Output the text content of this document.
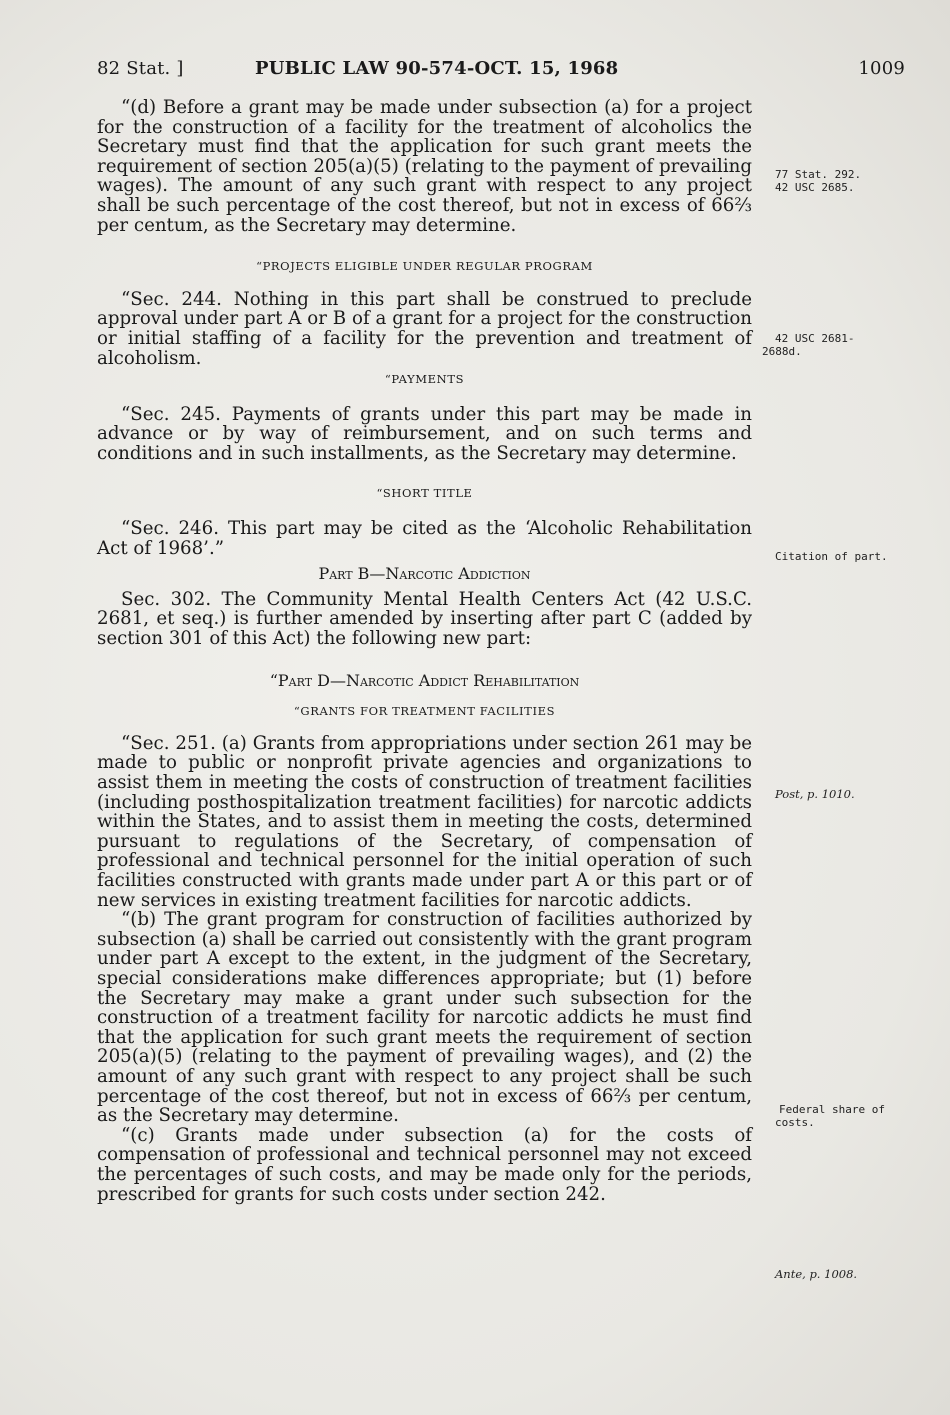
82 Stat. ]	PUBLIC LAW 90-574-OCT. 15, 1968	1009

“(d) Before a grant may be made under subsection (a) for a project for the construction of a facility for the treatment of alcoholics the Secretary must find that the application for such grant meets the requirement of section 205(a)(5) (relating to the payment of prevailing wages). The amount of any such grant with respect to any project shall be such percentage of the cost thereof, but not in excess of 66⅔ per centum, as the Secretary may determine.

“PROJECTS ELIGIBLE UNDER REGULAR PROGRAM

“Sec. 244. Nothing in this part shall be construed to preclude approval under part A or B of a grant for a project for the construction or initial staffing of a facility for the prevention and treatment of alcoholism.

“PAYMENTS

“Sec. 245. Payments of grants under this part may be made in advance or by way of reimbursement, and on such terms and conditions and in such installments, as the Secretary may determine.

“SHORT TITLE

“Sec. 246. This part may be cited as the ‘Alcoholic Rehabilitation Act of 1968’.”

Part B—Narcotic Addiction

Sec. 302. The Community Mental Health Centers Act (42 U.S.C. 2681, et seq.) is further amended by inserting after part C (added by section 301 of this Act) the following new part:

“Part D—Narcotic Addict Rehabilitation

“GRANTS FOR TREATMENT FACILITIES

“Sec. 251. (a) Grants from appropriations under section 261 may be made to public or nonprofit private agencies and organizations to assist them in meeting the costs of construction of treatment facilities (including posthospitalization treatment facilities) for narcotic addicts within the States, and to assist them in meeting the costs, determined pursuant to regulations of the Secretary, of compensation of professional and technical personnel for the initial operation of such facilities constructed with grants made under part A or this part or of new services in existing treatment facilities for narcotic addicts.

“(b) The grant program for construction of facilities authorized by subsection (a) shall be carried out consistently with the grant program under part A except to the extent, in the judgment of the Secretary, special considerations make differences appropriate; but (1) before the Secretary may make a grant under such subsection for the construction of a treatment facility for narcotic addicts he must find that the application for such grant meets the requirement of section 205(a)(5) (relating to the payment of prevailing wages), and (2) the amount of any such grant with respect to any project shall be such percentage of the cost thereof, but not in excess of 66⅔ per centum, as the Secretary may determine.

“(c) Grants made under subsection (a) for the costs of compensation of professional and technical personnel may not exceed the percentages of such costs, and may be made only for the periods, prescribed for grants for such costs under section 242.

77 Stat. 292.
42 USC 2685.
42 USC 2681-
2688d.
Citation of part.
Post, p. 1010.
Federal share of
costs.
Ante, p. 1008.
